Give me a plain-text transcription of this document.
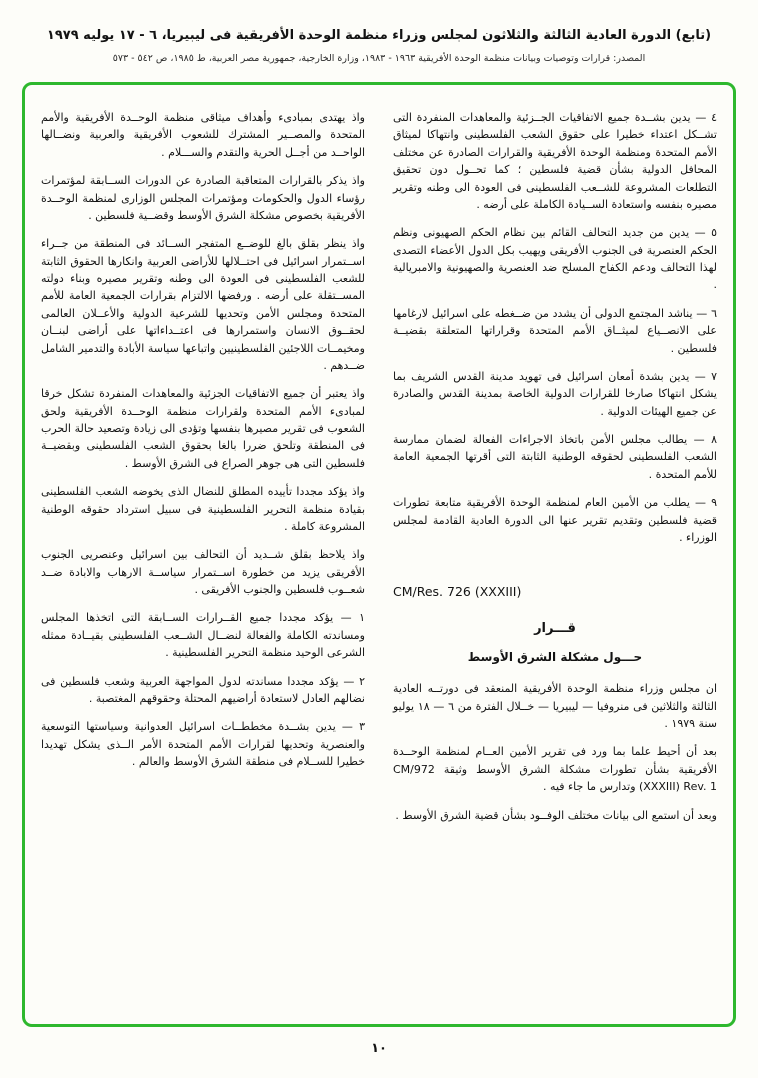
(تابع) الدورة العادية الثالثة والثلاثون لمجلس وزراء منظمة الوحدة الأفريقية فى ليبيريا، ٦ - ١٧ يوليه ١٩٧٩
المصدر: قرارات وتوصيات وبيانات منظمة الوحدة الأفريقية ١٩٦٣ - ١٩٨٣، وزارة الخارجية، جمهورية مصر العربية، ط ١٩٨٥، ص ٥٤٢ - ٥٧٣

٤ — يدين بشــدة جميع الاتفاقيات الجــزئية والمعاهدات المنفردة التى تشــكل اعتداء خطيرا على حقوق الشعب الفلسطينى وانتهاكا لميثاق الأمم المتحدة ومنظمة الوحدة الأفريقية والقرارات الصادرة عن مختلف المحافل الدولية بشأن قضية فلسطين ؛ كما تحــول دون تحقيق التطلعات المشروعة للشــعب الفلسطينى فى العودة الى وطنه وتقرير مصيره بنفسه واستعادة الســيادة الكاملة على أرضه .

٥ — يدين من جديد التحالف القائم بين نظام الحكم الصهيونى ونظم الحكم العنصرية فى الجنوب الأفريقى ويهيب بكل الدول الأعضاء التصدى لهذا التحالف ودعم الكفاح المسلح ضد العنصرية والصهيونية والامبريالية .

٦ — يناشد المجتمع الدولى أن يشدد من ضــغطه على اسرائيل لارغامها على الانصــياع لميثــاق الأمم المتحدة وقراراتها المتعلقة بقضيــة فلسطين .

٧ — يدين بشدة أمعان اسرائيل فى تهويد مدينة القدس الشريف بما يشكل انتهاكا صارخا للقرارات الدولية الخاصة بمدينة القدس والصادرة عن جميع الهيئات الدولية .

٨ — يطالب مجلس الأمن باتخاذ الاجراءات الفعالة لضمان ممارسة الشعب الفلسطينى لحقوقه الوطنية الثابتة التى أقرتها الجمعية العامة للأمم المتحدة .

٩ — يطلب من الأمين العام لمنظمة الوحدة الأفريقية متابعة تطورات قضية فلسطين وتقديم تقرير عنها الى الدورة العادية القادمة لمجلس الوزراء .

CM/Res. 726 (XXXIII)

قـــرار
حـــول مشكلة الشرق الأوسط

ان مجلس وزراء منظمة الوحدة الأفريقية المنعقد فى دورتــه العادية الثالثة والثلاثين فى منروفيا — ليبيريا — خــلال الفترة من ٦ — ١٨ يوليو سنة ١٩٧٩ .

بعد أن أحيط علما بما ورد فى تقرير الأمين العــام لمنظمة الوحــدة الأفريقية بشأن تطورات مشكلة الشرق الأوسط وثيقة CM/972 (XXXIII) Rev. 1 وتدارس ما جاء فيه .

وبعد أن استمع الى بيانات مختلف الوفــود بشأن قضية الشرق الأوسط .

واذ يهتدى بمبادىء وأهداف ميثاقى منظمة الوحــدة الأفريقية والأمم المتحدة والمصــير المشترك للشعوب الأفريقية والعربية ونضــالها الواحــد من أجــل الحرية والتقدم والســـلام .

واذ يذكر بالقرارات المتعاقبة الصادرة عن الدورات الســابقة لمؤتمرات رؤساء الدول والحكومات ومؤتمرات المجلس الوزارى لمنظمة الوحــدة الأفريقية بخصوص مشكلة الشرق الأوسط وقضــية فلسطين .

واذ ينظر بقلق بالغ للوضــع المتفجر الســائد فى المنطقة من جــراء اســتمرار اسرائيل فى احتــلالها للأراضى العربية وانكارها الحقوق الثابتة للشعب الفلسطينى فى العودة الى وطنه وتقرير مصيره وبناء دولته المســتقلة على أرضه . ورفضها الالتزام بقرارات الجمعية العامة للأمم المتحدة ومجلس الأمن وتحديها للشرعية الدولية والأعــلان العالمى لحقــوق الانسان واستمرارها فى اعتــداءاتها على أراضى لبنــان ومخيمــات اللاجئين الفلسطينيين واتباعها سياسة الأبادة والتدمير الشامل ضــدهم .

واذ يعتبر أن جميع الاتفاقيات الجزئية والمعاهدات المنفردة تشكل خرقا لمبادىء الأمم المتحدة ولقرارات منظمة الوحــدة الأفريقية ولحق الشعوب فى تقرير مصيرها بنفسها وتؤدى الى زيادة وتصعيد حالة الحرب فى المنطقة وتلحق ضررا بالغا بحقوق الشعب الفلسطينى وبقضيــة فلسطين التى هى جوهر الصراع فى الشرق الأوسط .

واذ يؤكد مجددا تأييده المطلق للنضال الذى يخوضه الشعب الفلسطينى بقيادة منظمة التحرير الفلسطينية فى سبيل استرداد حقوقه الوطنية المشروعة كاملة .

واذ يلاحظ بقلق شــديد أن التحالف بين اسرائيل وعنصريى الجنوب الأفريقى يزيد من خطورة اســتمرار سياســة الارهاب والابادة ضــد شعــوب فلسطين والجنوب الأفريقى .

١ — يؤكد مجددا جميع القــرارات الســابقة التى اتخذها المجلس ومساندته الكاملة والفعالة لنضــال الشــعب الفلسطينى بقيــادة ممثله الشرعى الوحيد منظمة التحرير الفلسطينية .

٢ — يؤكد مجددا مساندته لدول المواجهة العربية وشعب فلسطين فى نضالهم العادل لاستعادة أراضيهم المحتلة وحقوقهم المغتصبة .

٣ — يدين بشــدة مخططــات اسرائيل العدوانية وسياستها التوسعية والعنصرية وتحديها لقرارات الأمم المتحدة الأمر الــذى يشكل تهديدا خطيرا للســلام فى منطقة الشرق الأوسط والعالم .

١٠
